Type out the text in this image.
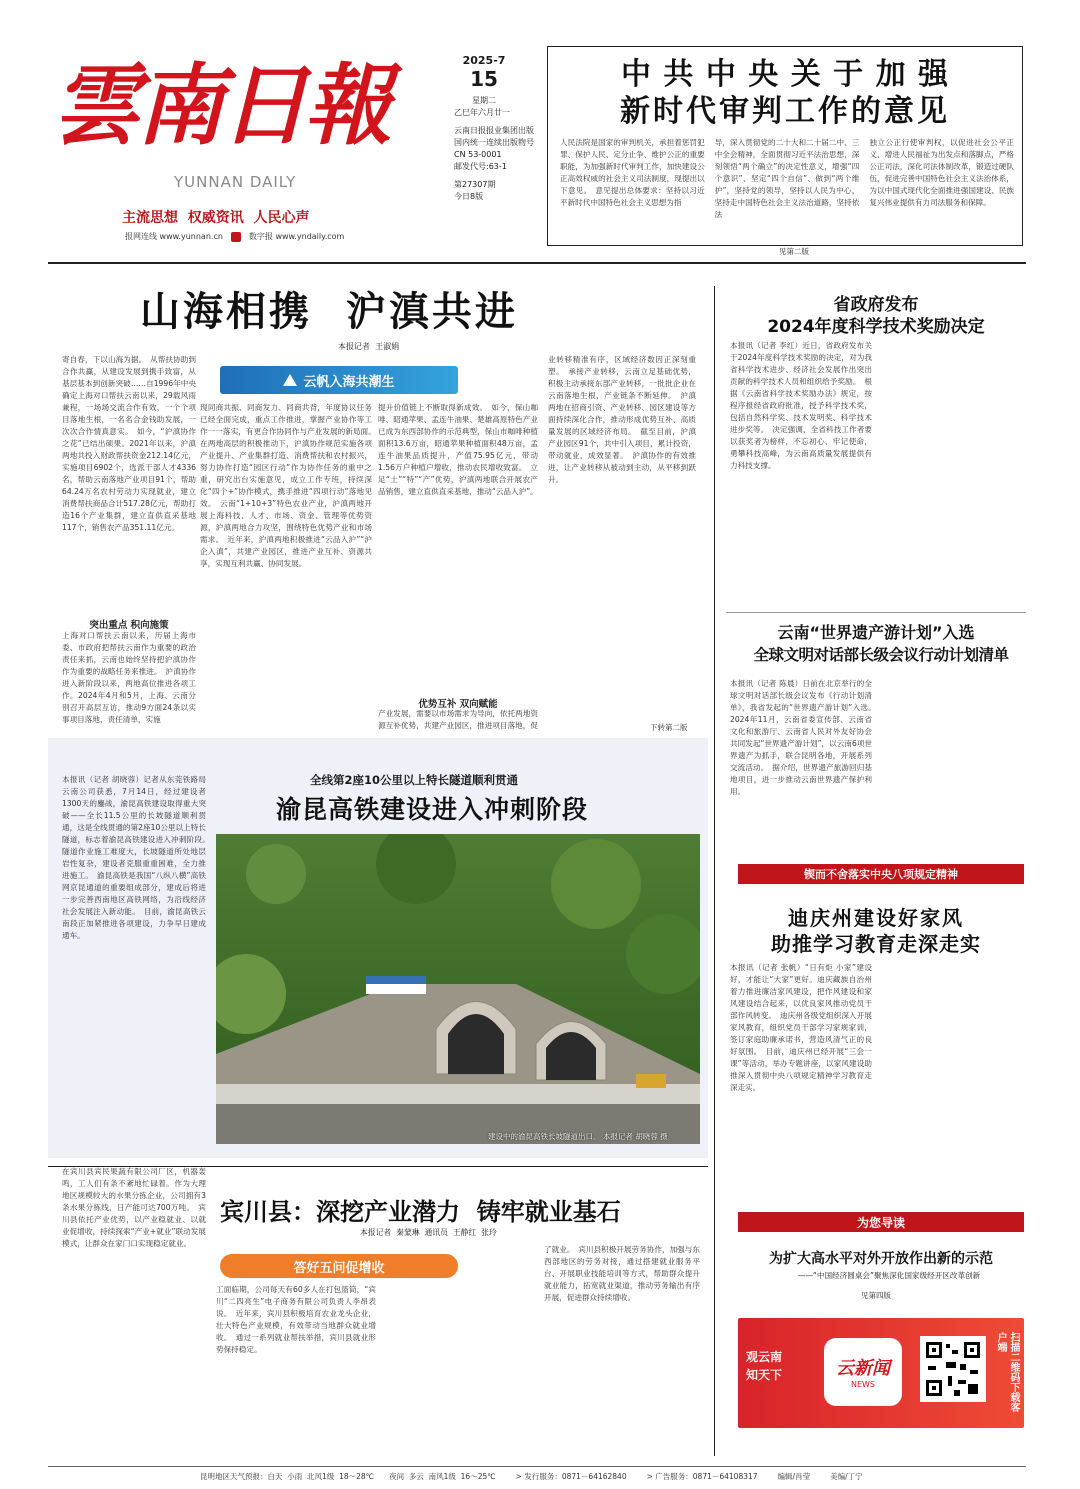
雲南日報
YUNNAN DAILY
主流思想  权威资讯  人民心声
报网连线 www.yunnan.cn	数字报 www.yndaily.com
2025-7
15
星期二
乙巳年六月廿一
云南日报报业集团出版
国内统一连续出版物号
CN 53-0001
邮发代号:63-1
第27307期
今日8版
中 共 中 央 关 于 加 强
新时代审判工作的意见
人民法院是国家的审判机关，承担着惩罚犯罪、保护人民、定分止争、维护公正的重要职能，为加强新时代审判工作，加快建设公正高效权威的社会主义司法制度，现提出以下意见。　意见提出总体要求：坚持以习近平新时代中国特色社会主义思想为指
导，深入贯彻党的二十大和二十届二中、三中全会精神，全面贯彻习近平法治思想，深刻领悟“两个确立”的决定性意义，增强“四个意识”、坚定“四个自信”、做到“两个维护”，坚持党的领导，坚持以人民为中心，坚持走中国特色社会主义法治道路，坚持依法
独立公正行使审判权，以促进社会公平正义、增进人民福祉为出发点和落脚点，严格公正司法，深化司法体制改革，锻造过硬队伍，促进完善中国特色社会主义法治体系，为以中国式现代化全面推进强国建设、民族复兴伟业提供有力司法服务和保障。
见第二版
山海相携  沪滇共进
本报记者  王淑娟
云帆入海共潮生
寄自春，下以山海为据。　从帮扶协助到合作共赢，从建设发展到携手致富，从基层基本到创新突破……自1996年中央确定上海对口帮扶云南以来，29载风雨兼程，一场场交流合作有效，一个个项目落地生根，一名名合金钱助发展，一次次合作情真意实。　如今，“沪滇协作之花”已结出硕果。2021年以来，沪滇两地共投入财政帮扶资金212.14亿元，实施项目6902个，选派干部人才4336名，帮助云南落地产业项目91个，帮助64.24万名农村劳动力实现就业，建立消费帮扶商品合计517.28亿元，帮助打造16个产业集群，建立直供直采基地117个，销售农产品351.11亿元。
突出重点 积向施策
上海对口帮扶云南以来，历届上海市委、市政府把帮扶云南作为重要的政治责任来抓，云南也始终坚持把沪滇协作作为重要的战略任务来推进。　沪滇协作进入新阶段以来，两地高位推进各项工作。2024年4月和5月，上海、云南分别召开高层互访，推动9方面24条以实事项目落地，责任清单，实施
现同商共振、同商发力、同商共背，年度协议任务已经全面完成，重点工作推进，掌握产业协作等工作一一落实，有更合作协同作与产业发展的新局面。　在两地高层的积极推动下，沪滇协作规范实施各项产业提升、产业集群打造、消费帮扶和农村振兴，努力协作打造“园区行动”作为协作任务的重中之重，研究出台实施意见，成立工作专班，持续深化“四个+”协作模式，携手推进“四项行动”落地见效。　云南“1+10+3”特色农业产业，沪滇两地开展上海科技、人才、市场、资金、管理等优势资源，沪滇两地合力攻坚，围绕特色优势产业和市场需求。　近年来，沪滇两地积极推进“云品入沪”“沪企入滇”，共建产业园区，推进产业互补、资源共享，实现互利共赢、协同发展。
提升价值链上不断取得新成效。　如今，保山咖啡、昭通苹果、孟连牛油果、楚雄高原特色产业已成为东西部协作的示范典型，保山市咖啡种植面积13.6万亩，昭通苹果种植面积48万亩，孟连牛油果品质提升，产值75.95亿元，带动1.56万户种植户增收，推动农民增收致富。　立足“土”“特”“产”优势，沪滇两地联合开展农产品销售，建立直供直采基地，推动“云品入沪”。
优势互补 双向赋能
产业发展，需要以市场需求为导向，依托两地资源互补优势，共建产业园区，推进项目落地，促　　
业转移精准有序，区域经济数因正深刻重塑。　承接产业转移，云南立足基础优势，积极主动承接东部产业转移，一批批企业在云南落地生根，产业链条不断延伸。　沪滇两地在招商引资、产业转移、园区建设等方面持续深化合作，推动形成优势互补、高质量发展的区域经济布局。　截至目前，沪滇产业园区91个，共中引入项目，累计投资，带动就业，成效显著。　沪滇协作的有效推进，让产业转移从被动到主动，从平移到跃升。
下转第二版
省政府发布
2024年度科学技术奖励决定
本报讯（记者 李红）近日，省政府发布关于2024年度科学技术奖励的决定，对为我省科学技术进步、经济社会发展作出突出贡献的科学技术人员和组织给予奖励。　根据《云南省科学技术奖励办法》规定，按程序报经省政府批准，授予科学技术奖，包括自然科学奖、技术发明奖、科学技术进步奖等。　决定强调，全省科技工作者要以获奖者为榜样，不忘初心、牢记使命，勇攀科技高峰，为云南高质量发展提供有力科技支撑。
云南“世界遗产游计划”入选
全球文明对话部长级会议行动计划清单
本报讯（记者 陈晨）日前在北京举行的全球文明对话部长级会议发布《行动计划清单》，我省发起的“世界遗产游计划”入选。　2024年11月，云南省委宣传部、云南省文化和旅游厅、云南省人民对外友好协会共同发起“世界遗产游计划”，以云南6项世界遗产为抓手，联合昆明各地，开展系列交流活动。　据介绍，世界遗产旅游回归基地项目，进一步推动云南世界遗产保护利用。
全线第2座10公里以上特长隧道顺利贯通
渝昆高铁建设进入冲刺阶段
本报讯（记者 胡晓蓉）记者从东莞铁路局云南公司获悉，7月14日，经过建设者1300天的鏖战，渝昆高铁建设取得重大突破——全长11.5公里的长坡隧道顺利贯通，这是全线贯通的第2座10公里以上特长隧道，标志着渝昆高铁建设进入冲刺阶段。　隧道作业施工难度大，长坡隧道所处地层岩性复杂，建设者克服重重困难，全力推进施工。　渝昆高铁是我国“八纵八横”高铁网京昆通道的重要组成部分，建成后将进一步完善西南地区高铁网络，为沿线经济社会发展注入新动能。　目前，渝昆高铁云南段正加紧推进各项建设，力争早日建成通车。
建设中的渝昆高铁长坡隧道出口。 本报记者 胡晓蓉 摄
锲而不舍落实中央八项规定精神
迪庆州建设好家风
助推学习教育走深走实
本报讯（记者 张帆）“日有炬 小家”建设好，才能让“大家”更好。迪庆藏族自治州着力推进廉洁家风建设，把作风建设和家风建设结合起来，以优良家风推动党员干部作风转变。　迪庆州各级党组织深入开展家风教育，组织党员干部学习家规家训，签订家庭助廉承诺书，营造风清气正的良好氛围。　目前，迪庆州已经开展“三会一课”等活动，举办专题讲座，以家风建设助推深入贯彻中央八项规定精神学习教育走深走实。
在宾川县宾民果蔬有限公司厂区，机器轰鸣，工人们有条不紊地忙碌着。作为大理地区规模较大的水果分拣企业，公司拥有3条水果分拣线，日产能可达700万吨。　宾川县依托产业优势，以产业稳就业、以就业促增收，持续探索“产业+就业”联动发展模式，让群众在家门口实现稳定就业。
宾川县：深挖产业潜力  铸牢就业基石
本报记者  秦蒙琳  通讯员  王静红  张玲
答好五问促增收
工面临期，公司每天有60多人在打包篮筒，“宾川“二四亮生”电子商务有限公司负责人李昂表说。　近年来，宾川县积极培育农业龙头企业，壮大特色产业规模，有效带动当地群众就业增收。　通过一系列就业帮扶举措，宾川县就业形势保持稳定。
了就业。　宾川县积极开展劳务协作，加强与东西部地区的劳务对接，通过搭建就业服务平台、开展职业技能培训等方式，帮助群众提升就业能力，拓宽就业渠道，推动劳务输出有序开展，促进群众持续增收。
为您导读
为扩大高水平对外开放作出新的示范
——“中国经济圆桌会”聚焦深化国家级经开区改革创新
见第四版
观云南
知天下	云新闻
NEWS	扫描二维码下载客户端
昆明地区天气预报：白天  小雨  北风1级  18～28℃　　夜间  多云  南风1级  16～25℃	> 发行服务：0871－64162840	> 广告服务：0871－64108317	编辑/肖莹	美编/丁宁
